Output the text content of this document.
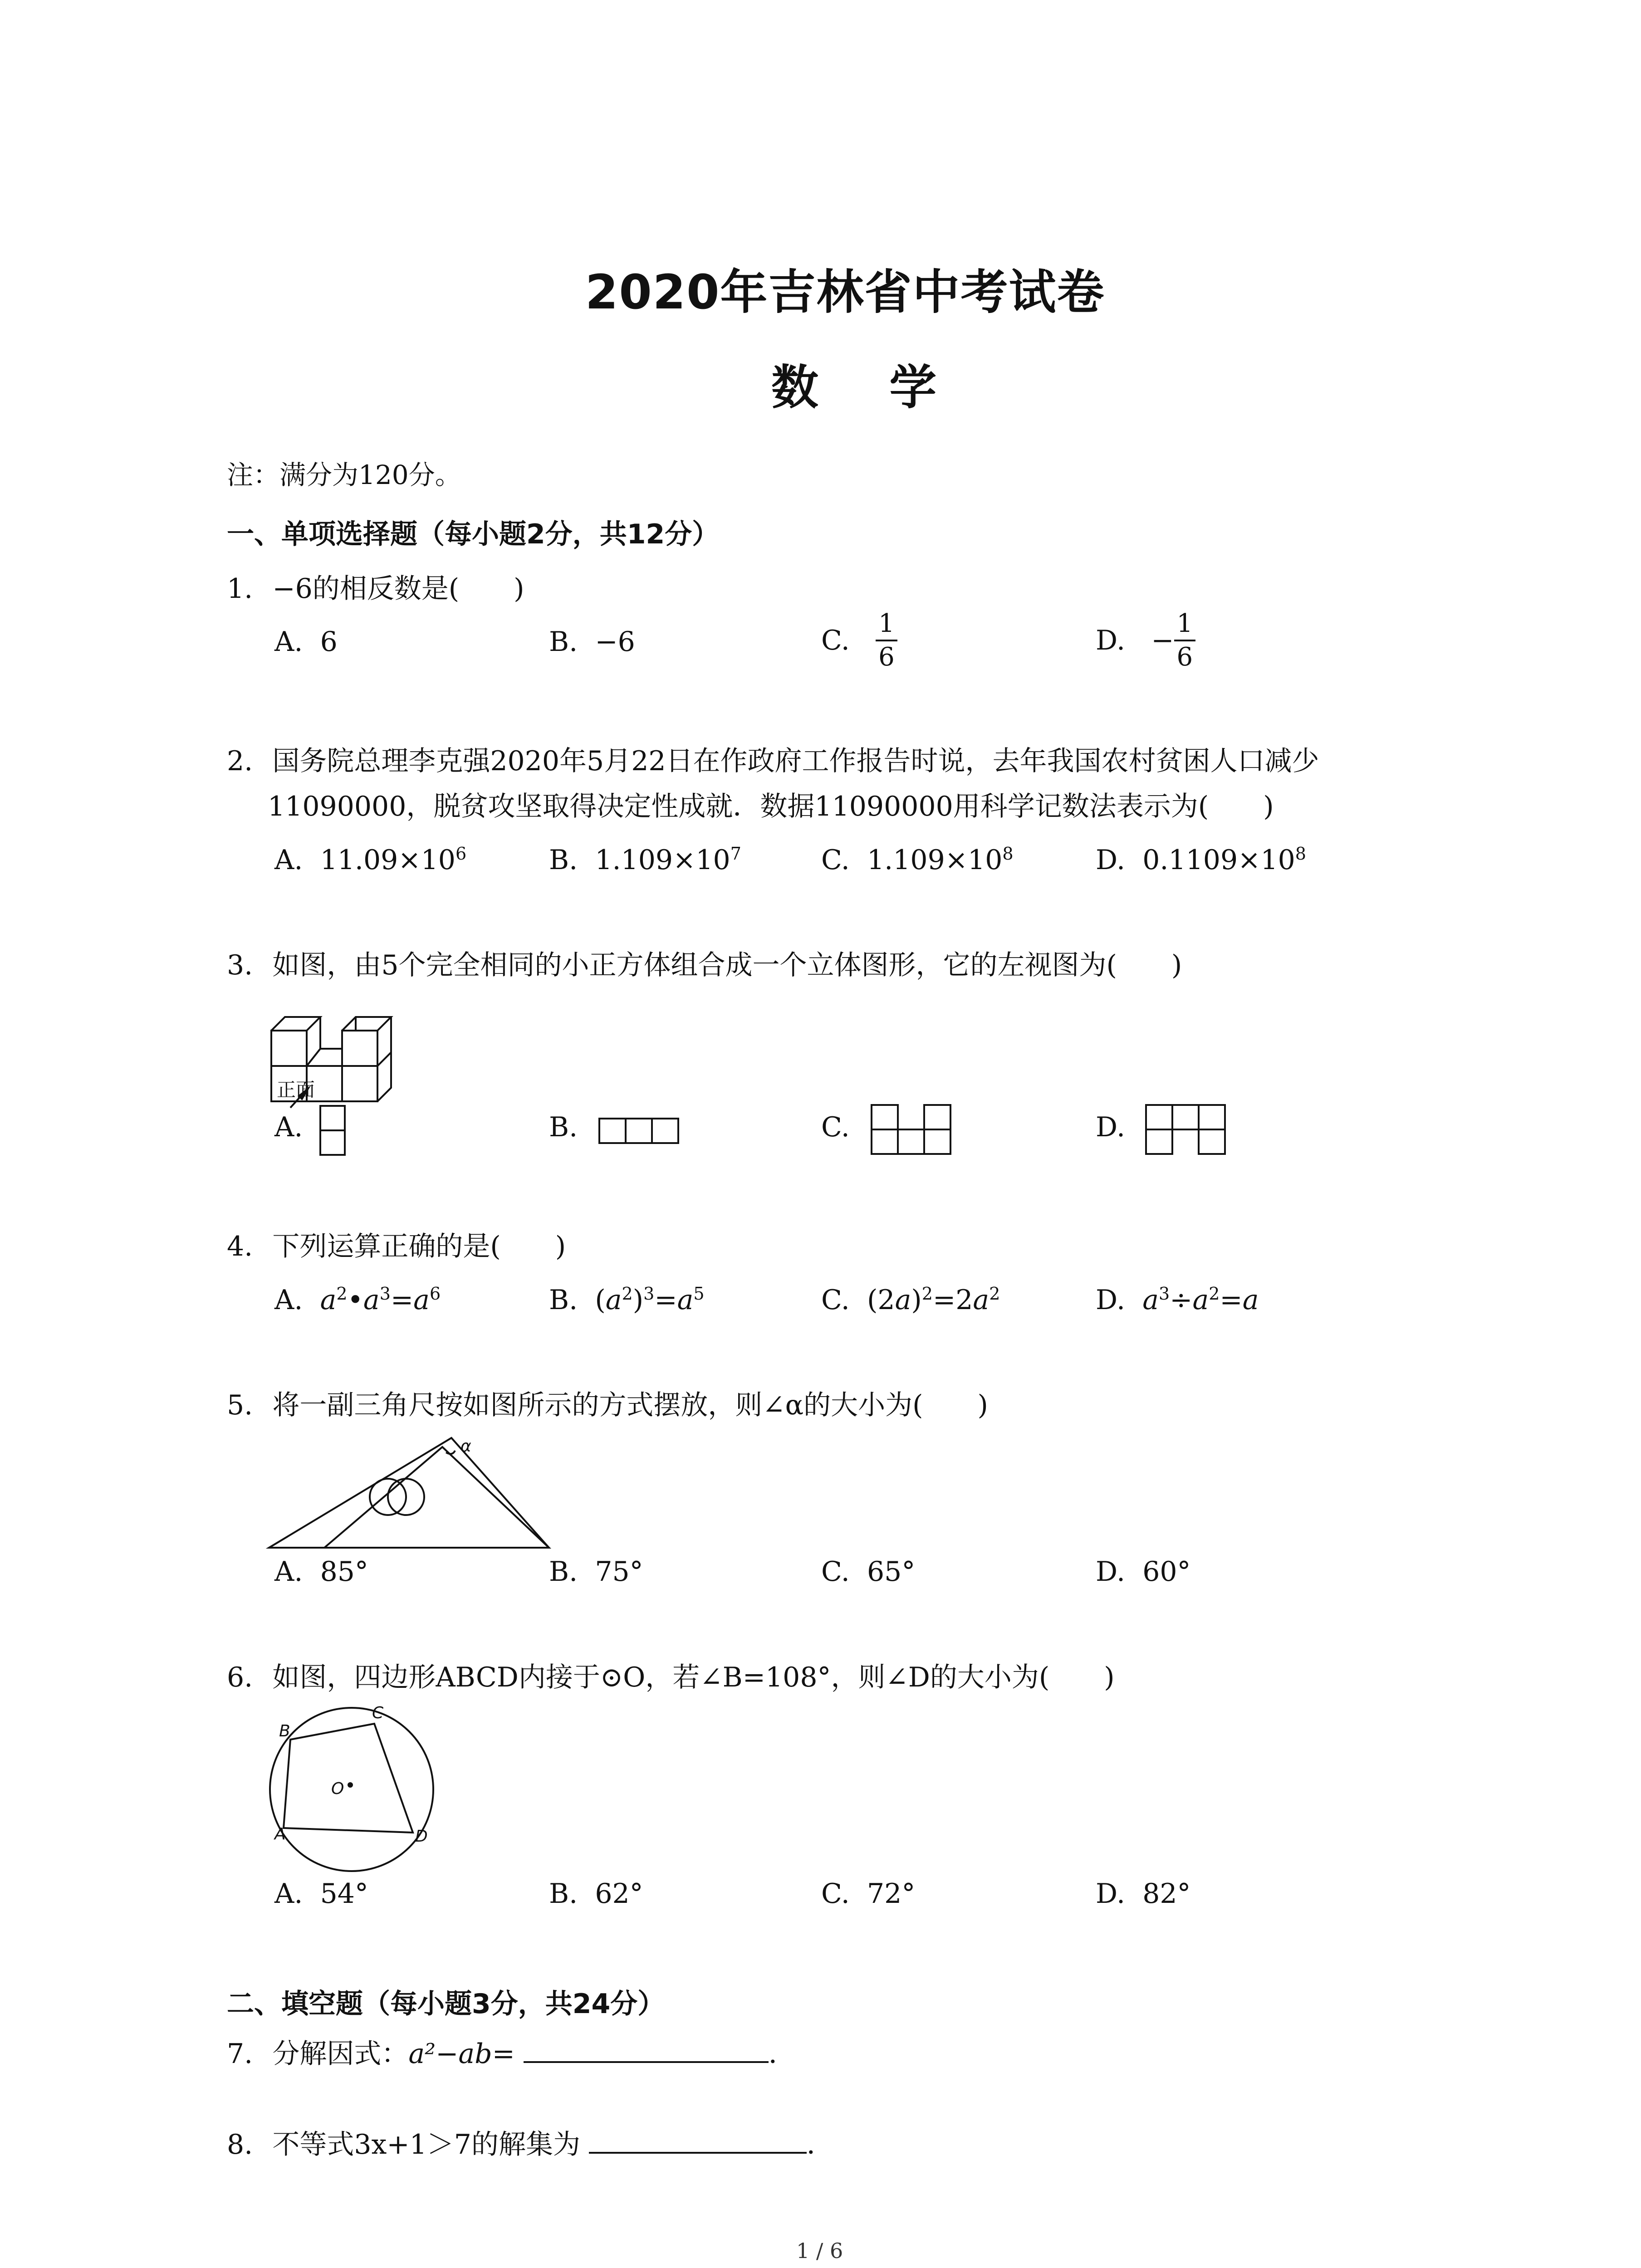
2020年吉林省中考试卷
数 学
注：满分为120分。
一、单项选择题（每小题2分，共12分）
1. −6的相反数是(　　)
A. 6	B. −6	C. $\frac{1}{6}$	D. − $\frac{1}{6}$
2. 国务院总理李克强2020年5月22日在作政府工作报告时说，去年我国农村贫困人口减少
11090000，脱贫攻坚取得决定性成就．数据11090000用科学记数法表示为(　　)
A. $11.09\times 10^6$	B. $1.109\times 10^7$	C. $1.109\times 10^8$	D. $0.1109\times 10^8$
3. 如图，由5个完全相同的小正方体组合成一个立体图形，它的左视图为(　　)
正面
A.	B.	C.	D.
4. 下列运算正确的是(　　)
A. $a^2•a^3=a^6$	B.  $(a^2)^3=a^5$	C.  $(2a)^2=2a^2$	D. $a^3\div a^2=a$
5. 将一副三角尺按如图所示的方式摆放，则∠α的大小为(　　)
α
A. 85°	B. 75°	C. 65°	D. 60°
6. 如图，四边形ABCD内接于⊙O，若∠B=108°，则∠D的大小为(　　)
A
B
C
D
O
A. 54°	B. 62°	C. 72°	D. 82°
二、填空题（每小题3分，共24分）
7. 分解因式：a²−ab=	．
8. 不等式3x+1＞7的解集为	．
1 / 6
